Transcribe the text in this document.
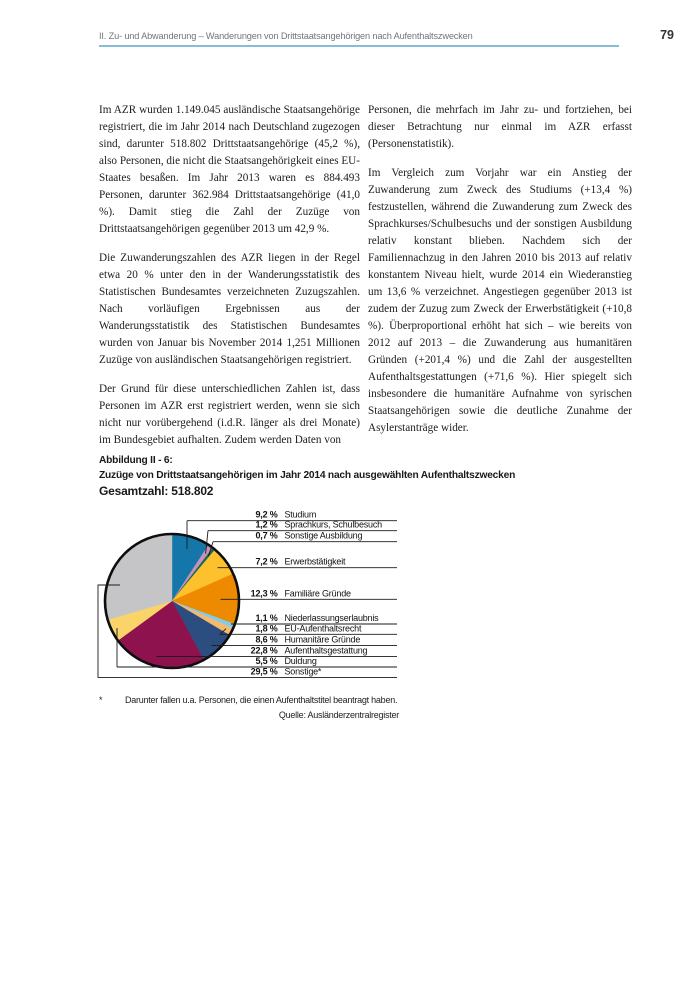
II. Zu- und Abwanderung – Wanderungen von Drittstaatsangehörigen nach Aufenthaltszwecken	79

Im AZR wurden 1.149.045 ausländische Staatsangehörige registriert, die im Jahr 2014 nach Deutschland zugezogen sind, darunter 518.802 Drittstaatsangehörige (45,2 %), also Personen, die nicht die Staatsangehörigkeit eines EU-Staates besaßen. Im Jahr 2013 waren es 884.493 Personen, darunter 362.984 Drittstaatsangehörige (41,0 %). Damit stieg die Zahl der Zuzüge von Drittstaatsangehörigen gegenüber 2013 um 42,9 %.

Die Zuwanderungszahlen des AZR liegen in der Regel etwa 20 % unter den in der Wanderungsstatistik des Statistischen Bundesamtes verzeichneten Zuzugszahlen. Nach vorläufigen Ergebnissen aus der Wanderungsstatistik des Statistischen Bundesamtes wurden von Januar bis November 2014 1,251 Millionen Zuzüge von ausländischen Staatsangehörigen registriert.

Der Grund für diese unterschiedlichen Zahlen ist, dass Personen im AZR erst registriert werden, wenn sie sich nicht nur vorübergehend (i.d.R. länger als drei Monate) im Bundesgebiet aufhalten. Zudem werden Daten von

Personen, die mehrfach im Jahr zu- und fortziehen, bei dieser Betrachtung nur einmal im AZR erfasst (Personenstatistik).

Im Vergleich zum Vorjahr war ein Anstieg der Zuwanderung zum Zweck des Studiums (+13,4 %) festzustellen, während die Zuwanderung zum Zweck des Sprachkurses/Schulbesuchs und der sonstigen Ausbildung relativ konstant blieben. Nachdem sich der Familiennachzug in den Jahren 2010 bis 2013 auf relativ konstantem Niveau hielt, wurde 2014 ein Wiederanstieg um 13,6 % verzeichnet. Angestiegen gegenüber 2013 ist zudem der Zuzug zum Zweck der Erwerbstätigkeit (+10,8 %). Überproportional erhöht hat sich – wie bereits von 2012 auf 2013 – die Zuwanderung aus humanitären Gründen (+201,4 %) und die Zahl der ausgestellten Aufenthaltsgestattungen (+71,6 %). Hier spiegelt sich insbesondere die humanitäre Aufnahme von syrischen Staatsangehörigen sowie die deutliche Zunahme der Asylerstanträge wider.

Abbildung II - 6:
Zuzüge von Drittstaatsangehörigen im Jahr 2014 nach ausgewählten Aufenthaltszwecken
Gesamtzahl: 518.802
9,2 % Studium
1,2 % Sprachkurs, Schulbesuch
0,7 % Sonstige Ausbildung
7,2 % Erwerbstätigkeit
12,3 % Familiäre Gründe
1,1 % Niederlassungserlaubnis
1,8 % EU-Aufenthaltsrecht
8,6 % Humanitäre Gründe
22,8 % Aufenthaltsgestattung
5,5 % Duldung
29,5 % Sonstige*
*	Darunter fallen u.a. Personen, die einen Aufenthaltstitel beantragt haben.
Quelle: Ausländerzentralregister
